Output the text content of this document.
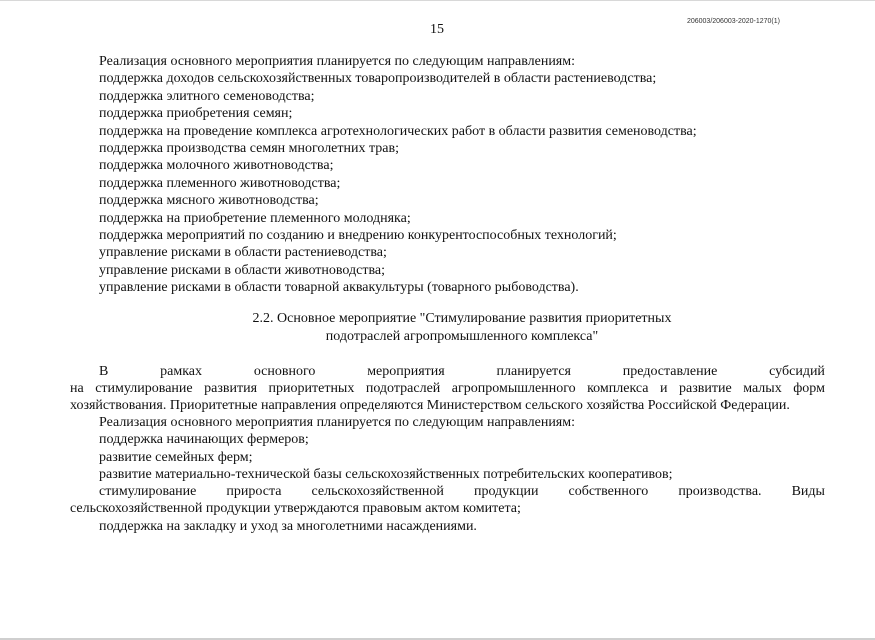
15
206003/206003-2020-1270(1)
Реализация основного мероприятия планируется по следующим направлениям:
поддержка доходов сельскохозяйственных товаропроизводителей в области растениеводства;
поддержка элитного семеноводства;
поддержка приобретения семян;
поддержка на проведение комплекса агротехнологических работ в области развития семеноводства;
поддержка производства семян многолетних трав;
поддержка молочного животноводства;
поддержка племенного животноводства;
поддержка мясного животноводства;
поддержка на приобретение племенного молодняка;
поддержка мероприятий по созданию и внедрению конкурентоспособных технологий;
управление рисками в области растениеводства;
управление рисками в области животноводства;
управление рисками в области товарной аквакультуры (товарного рыбоводства).
2.2. Основное мероприятие "Стимулирование развития приоритетных
подотраслей агропромышленного комплекса"
В	рамках	основного	мероприятия	планируется	предоставление	субсидий
на стимулирование развития приоритетных подотраслей агропромышленного комплекса и развитие малых форм
хозяйствования. Приоритетные направления определяются Министерством сельского хозяйства Российской Федерации.
Реализация основного мероприятия планируется по следующим направлениям:
поддержка начинающих фермеров;
развитие семейных ферм;
развитие материально-технической базы сельскохозяйственных потребительских кооперативов;
стимулирование прироста сельскохозяйственной продукции собственного производства. Виды
сельскохозяйственной продукции утверждаются правовым актом комитета;
поддержка на закладку и уход за многолетними насаждениями.
